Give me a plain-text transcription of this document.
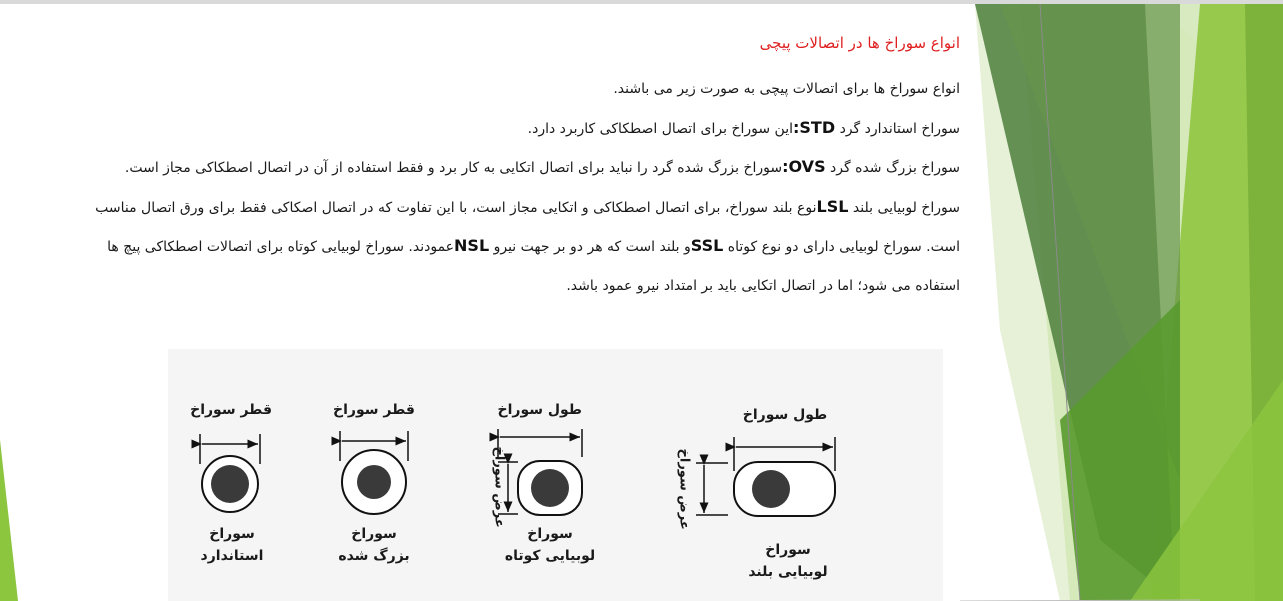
انواع سوراخ ها در اتصالات پیچی

انواع سوراخ ها برای اتصالات پیچی به صورت زیر می باشند.

سوراخ استاندارد گرد :STDاین سوراخ برای اتصال اصطکاکی کاربرد دارد.

سوراخ بزرگ شده گرد :OVSسوراخ بزرگ شده گرد را نباید برای اتصال اتکایی به کار برد و فقط استفاده از آن در اتصال اصطکاکی مجاز است.

سوراخ لوبیایی بلند LSLنوع بلند سوراخ، برای اتصال اصطکاکی و اتکایی مجاز است، با این تفاوت که در اتصال اصکاکی فقط برای ورق اتصال مناسب است. سوراخ لوبیایی دارای دو نوع کوتاه SSLو بلند است که هر دو بر جهت نیرو NSLعمودند. سوراخ لوبیایی کوتاه برای اتصالات اصطکاکی پیچ ها استفاده می شود؛ اما در اتصال اتکایی باید بر امتداد نیرو عمود باشد.

قطر سوراخ	قطر سوراخ	طول سوراخ	طول سوراخ
عرض سوراخ	عرض سوراخ
سوراخ
استاندارد
سوراخ
بزرگ شده
سوراخ
لوبیایی کوتاه	سوراخ
لوبیایی بلند
